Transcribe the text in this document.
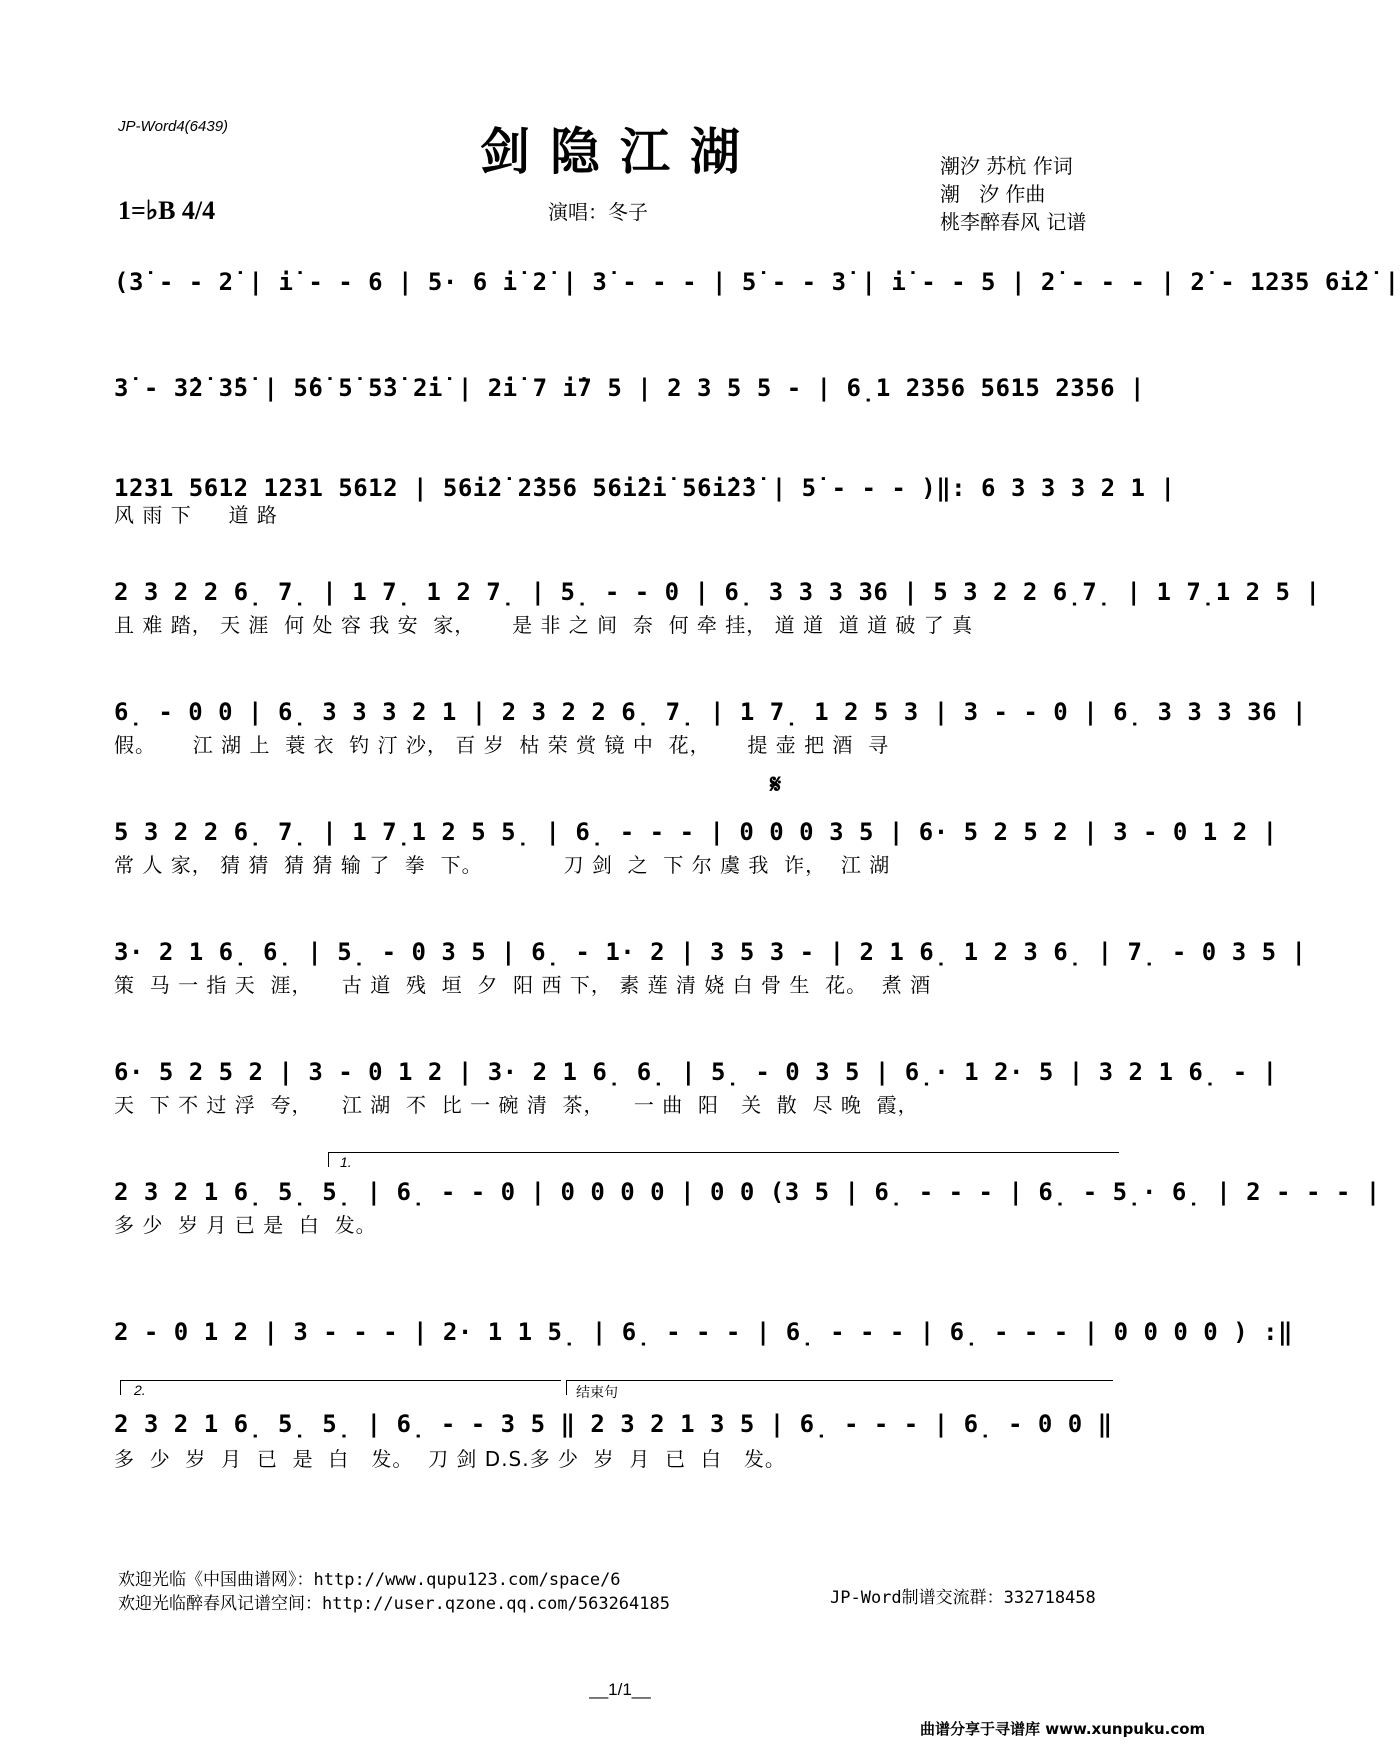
JP-Word4(6439)	剑隐江湖
1=♭B 4/4	演唱：冬子
潮汐 苏杭 作词
潮   汐 作曲
桃李醉春风 记谱
(3̇ - - 2̇ | i̇ - - 6 | 5· 6 i̇ 2̇ | 3̇ - - - | 5̇ - - 3̇ | i̇ - - 5 | 2̇ - - - | 2̇ - 1235 6i̇2̇ |
3̇ - 3̇2̇ 3̇5̇ | 5̇6̇ 5̇ 5̇3̇ 2̇i̇ | 2̇i̇ 7 i̇7 5 | 2 3 5 5 - | 6̣1 2356 5615 2356 |
1231 5612 1231 5612 | 56i̇2̇ 2̇356 56i̇2̇i̇ 56i̇2̇3̇ | 5̇ - - - )‖: 6 3 3 3 2 1 |
风 雨 下     道 路
2 3 2 2 6̣ 7̣ | 1 7̣ 1 2 7̣ | 5̣ - - 0 | 6̣ 3 3 3 36 | 5 3 2 2 6̣7̣ | 1 7̣1 2 5 |
且 难 踏， 天 涯  何 处 容 我 安  家，     是 非 之 间  奈  何 牵 挂， 道 道  道 道 破 了 真
6̣ - 0 0 | 6̣ 3 3 3 2 1 | 2 3 2 2 6̣ 7̣ | 1 7̣ 1 2 5 3 | 3 - - 0 | 6̣ 3 3 3 36 |
假。     江 湖 上  蓑 衣  钓 汀 沙， 百 岁  枯 荣 赏 镜 中  花，     提 壶 把 酒  寻
𝄋
5 3 2 2 6̣ 7̣ | 1 7̣1 2 5 5̣ | 6̣ - - - | 0 0 0 3 5 | 6· 5 2 5 2 | 3 - 0 1 2 |
常 人 家， 猜 猜  猜 猜 输 了  拳  下。           刀 剑  之  下 尔 虞 我  诈，  江 湖
3· 2 1 6̣ 6̣ | 5̣ - 0 3 5 | 6̣ - 1· 2 | 3 5 3 - | 2 1 6̣ 1 2 3 6̣ | 7̣ - 0 3 5 |
策  马 一 指 天  涯，    古 道  残  垣  夕  阳 西 下， 素 莲 清 娆 白 骨 生  花。  煮 酒
6· 5 2 5 2 | 3 - 0 1 2 | 3· 2 1 6̣ 6̣ | 5̣ - 0 3 5 | 6̣· 1 2· 5 | 3 2 1 6̣ - |
天  下 不 过 浮  夸，    江 湖  不  比 一 碗 清  茶，    一 曲  阳   关  散  尽 晚  霞，
1.
2 3 2 1 6̣ 5̣ 5̣ | 6̣ - - 0 | 0 0 0 0 | 0 0 (3 5 | 6̣ - - - | 6̣ - 5̣· 6̣ | 2 - - - |
多 少  岁 月 已 是  白  发。
2 - 0 1 2 | 3 - - - | 2· 1 1 5̣ | 6̣ - - - | 6̣ - - - | 6̣ - - - | 0 0 0 0 ) :‖
2.	结束句
2 3 2 1 6̣ 5̣ 5̣ | 6̣ - - 3 5 ‖ 2 3 2 1 3 5 | 6̣ - - - | 6̣ - 0 0 ‖
多  少  岁  月  已  是  白   发。  刀 剑 D.S.多 少  岁  月  已  白   发。
欢迎光临《中国曲谱网》：http://www.qupu123.com/space/6
欢迎光临醉春风记谱空间：http://user.qzone.qq.com/563264185	JP-Word制谱交流群：332718458
__1/1__
曲谱分享于寻谱库 www.xunpuku.com
